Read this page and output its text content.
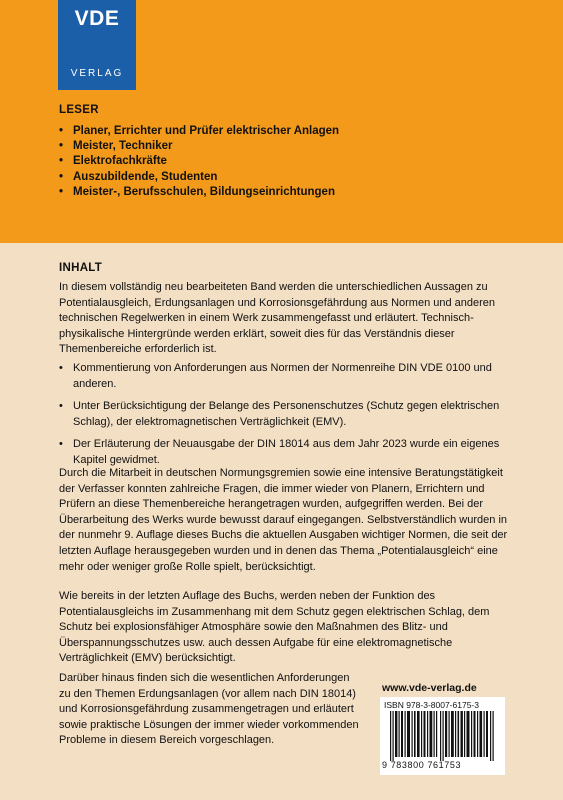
VDE
VERLAG
LESER
• Planer, Errichter und Prüfer elektrischer Anlagen
• Meister, Techniker
• Elektrofachkräfte
• Auszubildende, Studenten
• Meister-, Berufsschulen, Bildungseinrichtungen
INHALT

In diesem vollständig neu bearbeiteten Band werden die unterschiedlichen Aussagen zu Potentialausgleich, Erdungsanlagen und Korrosionsgefährdung aus Normen und anderen technischen Regelwerken in einem Werk zusammengefasst und erläutert. Technisch-physikalische Hintergründe werden erklärt, soweit dies für das Verständnis dieser Themenbereiche erforderlich ist.

• Kommentierung von Anforderungen aus Normen der Normenreihe DIN VDE 0100 und anderen.
• Unter Berücksichtigung der Belange des Personenschutzes (Schutz gegen elektrischen Schlag), der elektromagnetischen Verträglichkeit (EMV).
• Der Erläuterung der Neuausgabe der DIN 18014 aus dem Jahr 2023 wurde ein eigenes Kapitel gewidmet.

Durch die Mitarbeit in deutschen Normungsgremien sowie eine intensive Beratungstätigkeit der Verfasser konnten zahlreiche Fragen, die immer wieder von Planern, Errichtern und Prüfern an diese Themenbereiche herangetragen wurden, aufgegriffen werden. Bei der Überarbeitung des Werks wurde bewusst darauf eingegangen. Selbstverständlich wurden in der nunmehr 9. Auflage dieses Buchs die aktuellen Ausgaben wichtiger Normen, die seit der letzten Auflage herausgegeben wurden und in denen das Thema „Potentialausgleich“ eine mehr oder weniger große Rolle spielt, berücksichtigt.

Wie bereits in der letzten Auflage des Buchs, werden neben der Funktion des Potentialausgleichs im Zusammenhang mit dem Schutz gegen elektrischen Schlag, dem Schutz bei explosionsfähiger Atmosphäre sowie den Maßnahmen des Blitz- und Überspannungsschutzes usw. auch dessen Aufgabe für eine elektromagnetische Verträglichkeit (EMV) berücksichtigt.

Darüber hinaus finden sich die wesentlichen Anforderungen zu den Themen Erdungsanlagen (vor allem nach DIN 18014) und Korrosionsgefährdung zusammengetragen und erläutert sowie praktische Lösungen der immer wieder vorkommenden Probleme in diesem Bereich vorgeschlagen.

www.vde-verlag.de
ISBN 978-3-8007-6175-3
9 783800 761753
